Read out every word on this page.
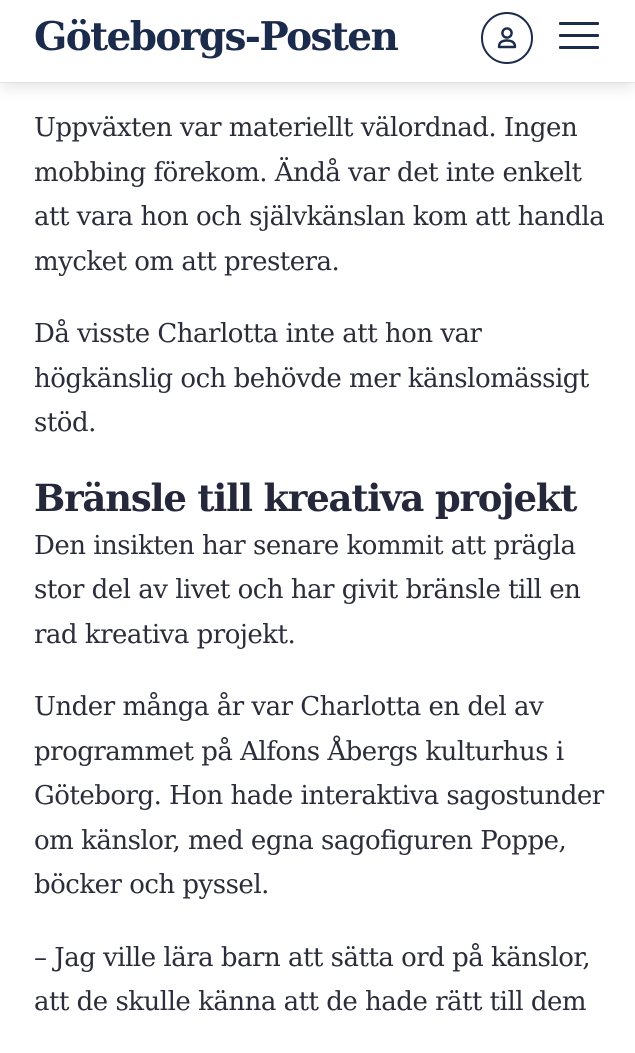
Göteborgs-Posten

Uppväxten var materiellt välordnad. Ingen mobbing förekom. Ändå var det inte enkelt att vara hon och självkänslan kom att handla mycket om att prestera.

Då visste Charlotta inte att hon var högkänslig och behövde mer känslomässigt stöd.

Bränsle till kreativa projekt

Den insikten har senare kommit att prägla stor del av livet och har givit bränsle till en rad kreativa projekt.

Under många år var Charlotta en del av programmet på Alfons Åbergs kulturhus i Göteborg. Hon hade interaktiva sagostunder om känslor, med egna sagofiguren Poppe, böcker och pyssel.

– Jag ville lära barn att sätta ord på känslor, att de skulle känna att de hade rätt till dem
